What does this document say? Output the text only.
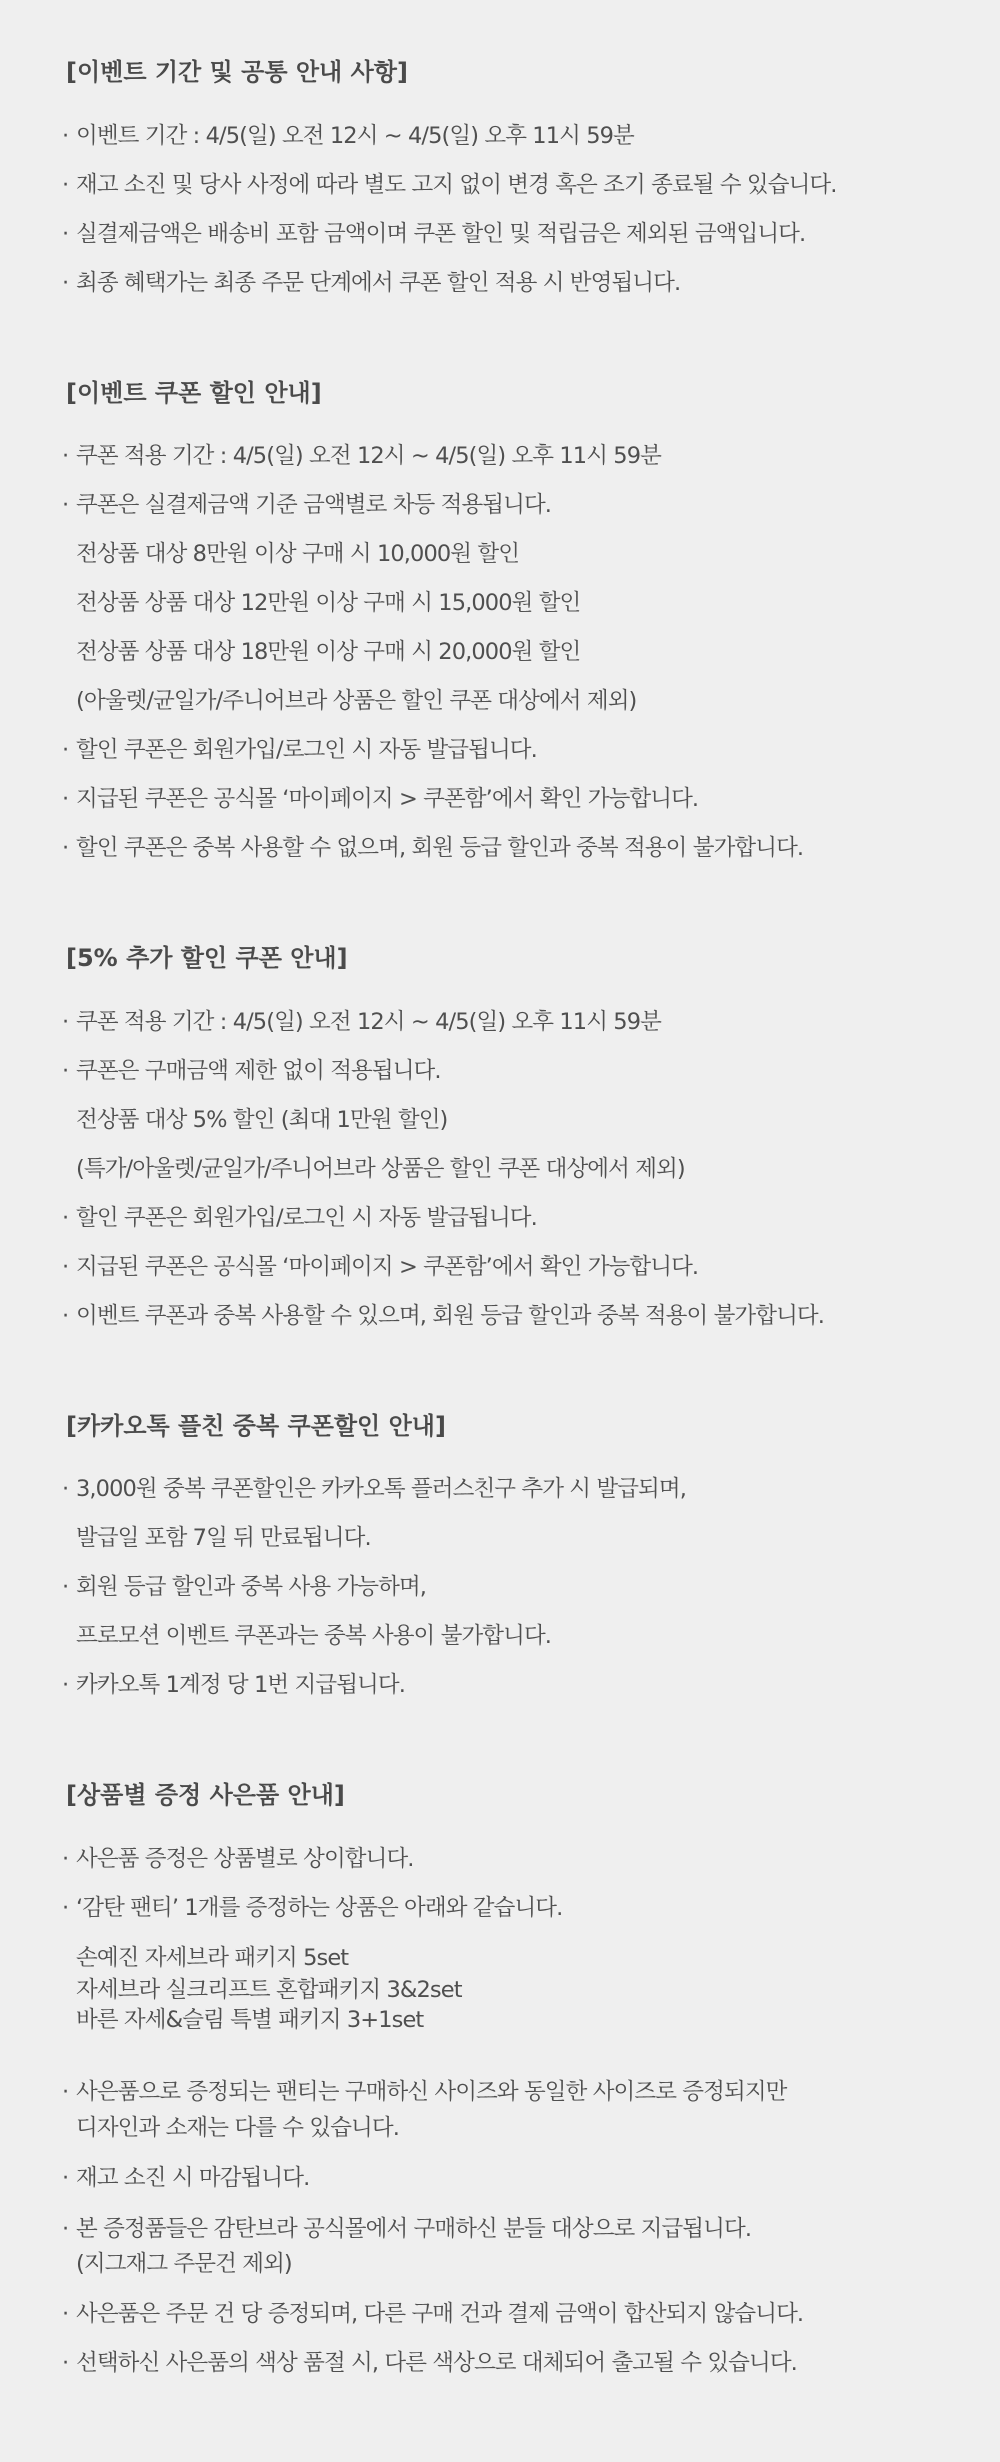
[이벤트 기간 및 공통 안내 사항]
· 이벤트 기간 : 4/5(일) 오전 12시 ~ 4/5(일) 오후 11시 59분
· 재고 소진 및 당사 사정에 따라 별도 고지 없이 변경 혹은 조기 종료될 수 있습니다.
· 실결제금액은 배송비 포함 금액이며 쿠폰 할인 및 적립금은 제외된 금액입니다.
· 최종 혜택가는 최종 주문 단계에서 쿠폰 할인 적용 시 반영됩니다.
[이벤트 쿠폰 할인 안내]
· 쿠폰 적용 기간 : 4/5(일) 오전 12시 ~ 4/5(일) 오후 11시 59분
· 쿠폰은 실결제금액 기준 금액별로 차등 적용됩니다.
전상품 대상 8만원 이상 구매 시 10,000원 할인
전상품 상품 대상 12만원 이상 구매 시 15,000원 할인
전상품 상품 대상 18만원 이상 구매 시 20,000원 할인
(아울렛/균일가/주니어브라 상품은 할인 쿠폰 대상에서 제외)
· 할인 쿠폰은 회원가입/로그인 시 자동 발급됩니다.
· 지급된 쿠폰은 공식몰 ‘마이페이지 > 쿠폰함’에서 확인 가능합니다.
· 할인 쿠폰은 중복 사용할 수 없으며, 회원 등급 할인과 중복 적용이 불가합니다.
[5% 추가 할인 쿠폰 안내]
· 쿠폰 적용 기간 : 4/5(일) 오전 12시 ~ 4/5(일) 오후 11시 59분
· 쿠폰은 구매금액 제한 없이 적용됩니다.
전상품 대상 5% 할인 (최대 1만원 할인)
(특가/아울렛/균일가/주니어브라 상품은 할인 쿠폰 대상에서 제외)
· 할인 쿠폰은 회원가입/로그인 시 자동 발급됩니다.
· 지급된 쿠폰은 공식몰 ‘마이페이지 > 쿠폰함’에서 확인 가능합니다.
· 이벤트 쿠폰과 중복 사용할 수 있으며, 회원 등급 할인과 중복 적용이 불가합니다.
[카카오톡 플친 중복 쿠폰할인 안내]
· 3,000원 중복 쿠폰할인은 카카오톡 플러스친구 추가 시 발급되며,
발급일 포함 7일 뒤 만료됩니다.
· 회원 등급 할인과 중복 사용 가능하며,
프로모션 이벤트 쿠폰과는 중복 사용이 불가합니다.
· 카카오톡 1계정 당 1번 지급됩니다.
[상품별 증정 사은품 안내]
· 사은품 증정은 상품별로 상이합니다.
· ‘감탄 팬티’ 1개를 증정하는 상품은 아래와 같습니다.
손예진 자세브라 패키지 5set
자세브라 실크리프트 혼합패키지 3&2set
바른 자세&슬림 특별 패키지 3+1set
· 사은품으로 증정되는 팬티는 구매하신 사이즈와 동일한 사이즈로 증정되지만
디자인과 소재는 다를 수 있습니다.
· 재고 소진 시 마감됩니다.
· 본 증정품들은 감탄브라 공식몰에서 구매하신 분들 대상으로 지급됩니다.
(지그재그 주문건 제외)
· 사은품은 주문 건 당 증정되며, 다른 구매 건과 결제 금액이 합산되지 않습니다.
· 선택하신 사은품의 색상 품절 시, 다른 색상으로 대체되어 출고될 수 있습니다.
